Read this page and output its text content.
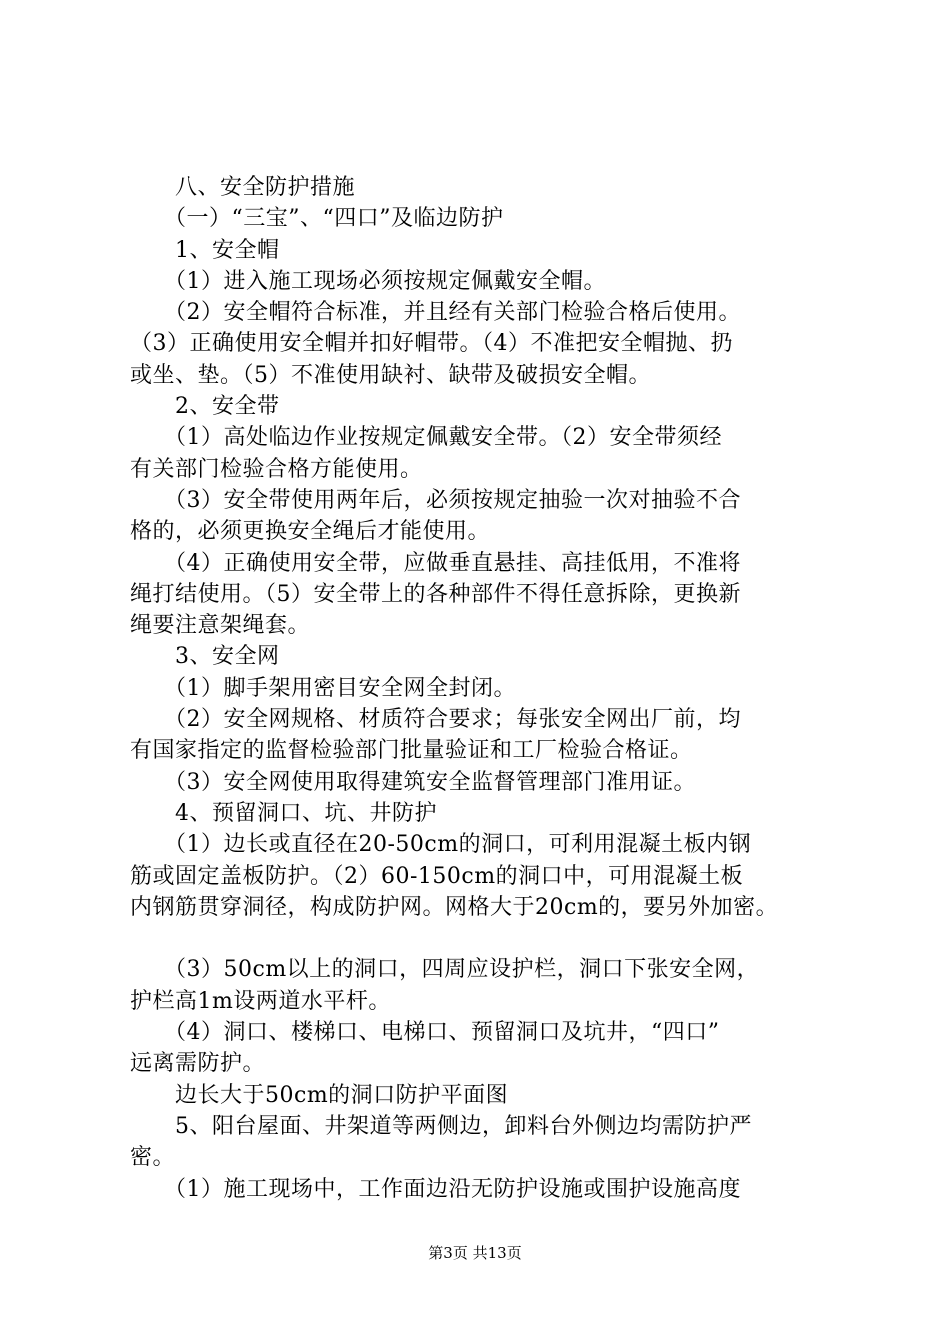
　　八、安全防护措施
　　（一）“三宝”、“四口”及临边防护
　　1、安全帽
　　（1）进入施工现场必须按规定佩戴安全帽。
　　（2）安全帽符合标准，并且经有关部门检验合格后使用。
（3）正确使用安全帽并扣好帽带。（4）不准把安全帽抛、扔
或坐、垫。（5）不准使用缺衬、缺带及破损安全帽。
　　2、安全带
　　（1）高处临边作业按规定佩戴安全带。（2）安全带须经
有关部门检验合格方能使用。
　　（3）安全带使用两年后，必须按规定抽验一次对抽验不合
格的，必须更换安全绳后才能使用。
　　（4）正确使用安全带，应做垂直悬挂、高挂低用，不准将
绳打结使用。（5）安全带上的各种部件不得任意拆除，更换新
绳要注意架绳套。
　　3、安全网
　　（1）脚手架用密目安全网全封闭。
　　（2）安全网规格、材质符合要求；每张安全网出厂前，均
有国家指定的监督检验部门批量验证和工厂检验合格证。
　　（3）安全网使用取得建筑安全监督管理部门准用证。
　　4、预留洞口、坑、井防护
　　（1）边长或直径在20-50cm的洞口，可利用混凝土板内钢
筋或固定盖板防护。（2）60-150cm的洞口中，可用混凝土板
内钢筋贯穿洞径，构成防护网。网格大于20cm的，要另外加密。
　　（3）50cm以上的洞口，四周应设护栏，洞口下张安全网，
护栏高1m设两道水平杆。
　　（4）洞口、楼梯口、电梯口、预留洞口及坑井，“四口”
远离需防护。
　　边长大于50cm的洞口防护平面图
　　5、阳台屋面、井架道等两侧边，卸料台外侧边均需防护严
密。
　　（1）施工现场中，工作面边沿无防护设施或围护设施高度
第3页 共13页
